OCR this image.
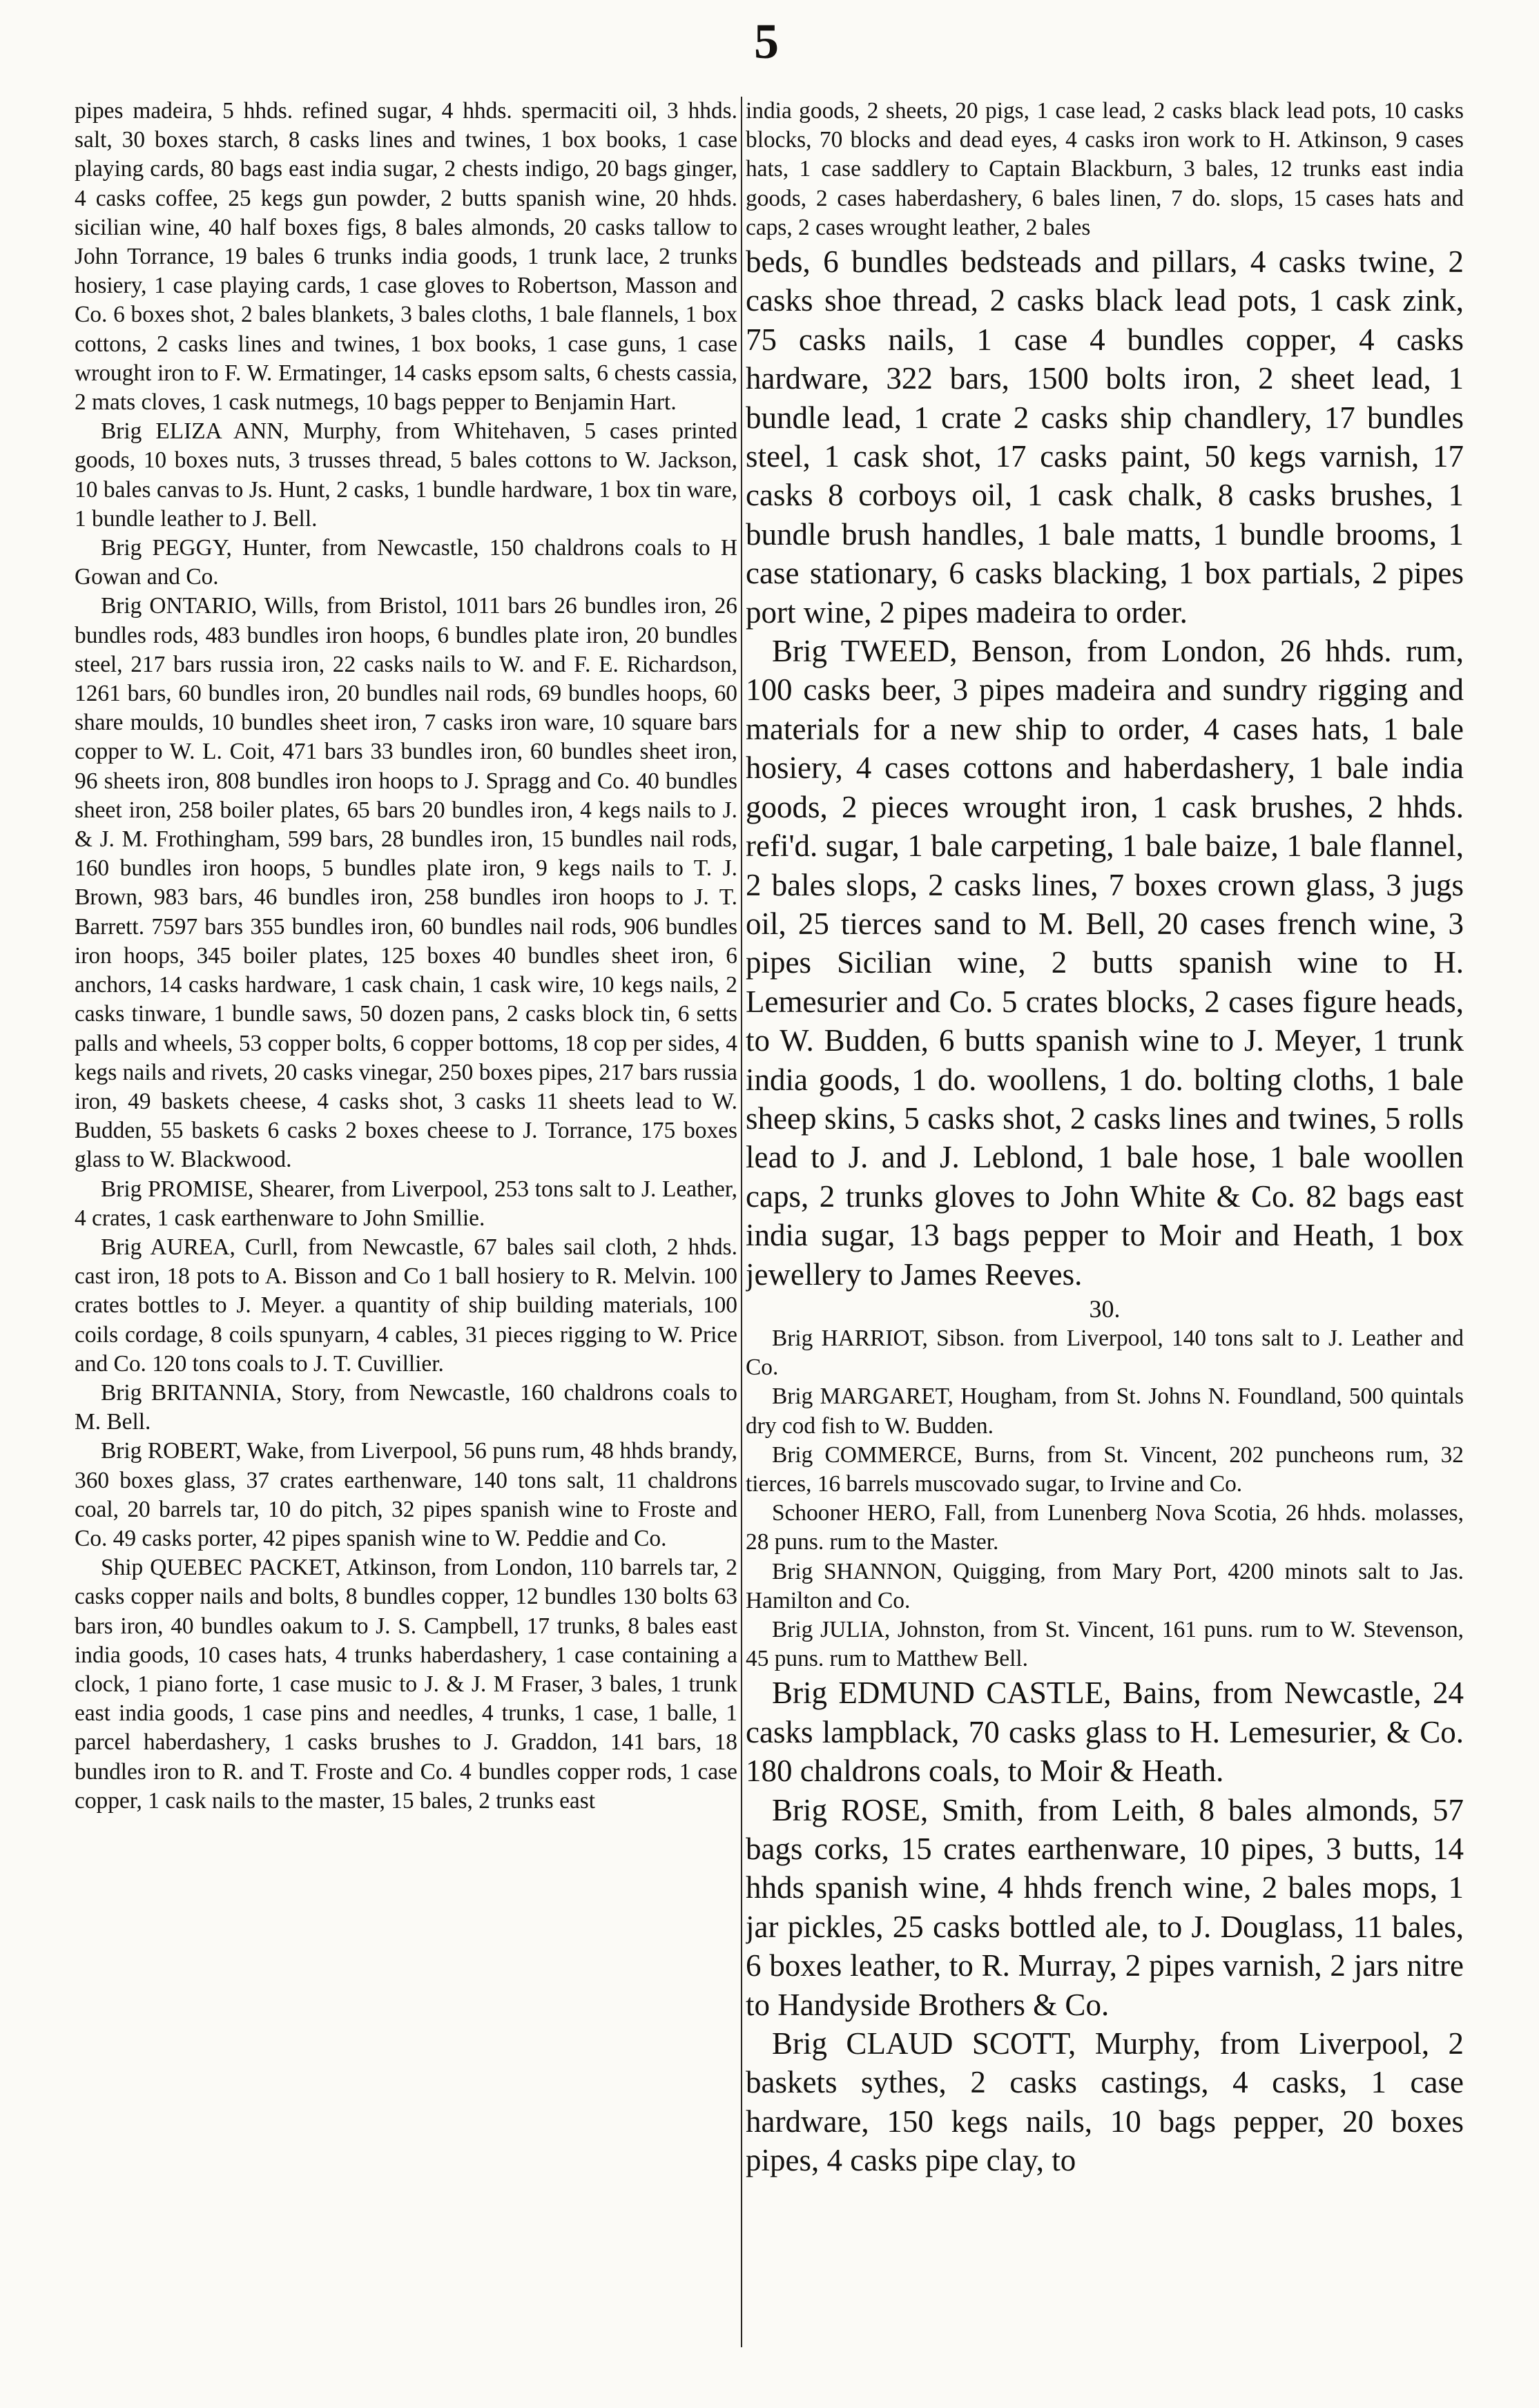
5

pipes madeira, 5 hhds. refined sugar, 4 hhds. spermaciti oil, 3 hhds. salt, 30 boxes starch, 8 casks lines and twines, 1 box books, 1 case playing cards, 80 bags east india sugar, 2 chests indigo, 20 bags ginger, 4 casks coffee, 25 kegs gun powder, 2 butts spanish wine, 20 hhds. sicilian wine, 40 half boxes figs, 8 bales almonds, 20 casks tallow to John Torrance, 19 bales 6 trunks india goods, 1 trunk lace, 2 trunks hosiery, 1 case playing cards, 1 case gloves to Robertson, Masson and Co. 6 boxes shot, 2 bales blankets, 3 bales cloths, 1 bale flannels, 1 box cottons, 2 casks lines and twines, 1 box books, 1 case guns, 1 case wrought iron to F. W. Ermatinger, 14 casks epsom salts, 6 chests cassia, 2 mats cloves, 1 cask nutmegs, 10 bags pepper to Benjamin Hart.

Brig ELIZA ANN, Murphy, from Whitehaven, 5 cases printed goods, 10 boxes nuts, 3 trusses thread, 5 bales cottons to W. Jackson, 10 bales canvas to Js. Hunt, 2 casks, 1 bundle hardware, 1 box tin ware, 1 bundle leather to J. Bell.

Brig PEGGY, Hunter, from Newcastle, 150 chaldrons coals to H Gowan and Co.

Brig ONTARIO, Wills, from Bristol, 1011 bars 26 bundles iron, 26 bundles rods, 483 bundles iron hoops, 6 bundles plate iron, 20 bundles steel, 217 bars russia iron, 22 casks nails to W. and F. E. Richardson, 1261 bars, 60 bundles iron, 20 bundles nail rods, 69 bundles hoops, 60 share moulds, 10 bundles sheet iron, 7 casks iron ware, 10 square bars copper to W. L. Coit, 471 bars 33 bundles iron, 60 bundles sheet iron, 96 sheets iron, 808 bundles iron hoops to J. Spragg and Co. 40 bundles sheet iron, 258 boiler plates, 65 bars 20 bundles iron, 4 kegs nails to J. & J. M. Frothingham, 599 bars, 28 bundles iron, 15 bundles nail rods, 160 bundles iron hoops, 5 bundles plate iron, 9 kegs nails to T. J. Brown, 983 bars, 46 bundles iron, 258 bundles iron hoops to J. T. Barrett. 7597 bars 355 bundles iron, 60 bundles nail rods, 906 bundles iron hoops, 345 boiler plates, 125 boxes 40 bundles sheet iron, 6 anchors, 14 casks hardware, 1 cask chain, 1 cask wire, 10 kegs nails, 2 casks tinware, 1 bundle saws, 50 dozen pans, 2 casks block tin, 6 setts palls and wheels, 53 copper bolts, 6 copper bottoms, 18 cop per sides, 4 kegs nails and rivets, 20 casks vinegar, 250 boxes pipes, 217 bars russia iron, 49 baskets cheese, 4 casks shot, 3 casks 11 sheets lead to W. Budden, 55 baskets 6 casks 2 boxes cheese to J. Torrance, 175 boxes glass to W. Blackwood.

Brig PROMISE, Shearer, from Liverpool, 253 tons salt to J. Leather, 4 crates, 1 cask earthenware to John Smillie.

Brig AUREA, Curll, from Newcastle, 67 bales sail cloth, 2 hhds. cast iron, 18 pots to A. Bisson and Co 1 ball hosiery to R. Melvin. 100 crates bottles to J. Meyer. a quantity of ship building materials, 100 coils cordage, 8 coils spunyarn, 4 cables, 31 pieces rigging to W. Price and Co. 120 tons coals to J. T. Cuvillier.

Brig BRITANNIA, Story, from Newcastle, 160 chaldrons coals to M. Bell.

Brig ROBERT, Wake, from Liverpool, 56 puns rum, 48 hhds brandy, 360 boxes glass, 37 crates earthenware, 140 tons salt, 11 chaldrons coal, 20 barrels tar, 10 do pitch, 32 pipes spanish wine to Froste and Co. 49 casks porter, 42 pipes spanish wine to W. Peddie and Co.

Ship QUEBEC PACKET, Atkinson, from London, 110 barrels tar, 2 casks copper nails and bolts, 8 bundles copper, 12 bundles 130 bolts 63 bars iron, 40 bundles oakum to J. S. Campbell, 17 trunks, 8 bales east india goods, 10 cases hats, 4 trunks haberdashery, 1 case containing a clock, 1 piano forte, 1 case music to J. & J. M Fraser, 3 bales, 1 trunk east india goods, 1 case pins and needles, 4 trunks, 1 case, 1 balle, 1 parcel haberdashery, 1 casks brushes to J. Graddon, 141 bars, 18 bundles iron to R. and T. Froste and Co. 4 bundles copper rods, 1 case copper, 1 cask nails to the master, 15 bales, 2 trunks east

india goods, 2 sheets, 20 pigs, 1 case lead, 2 casks black lead pots, 10 casks blocks, 70 blocks and dead eyes, 4 casks iron work to H. Atkinson, 9 cases hats, 1 case saddlery to Captain Blackburn, 3 bales, 12 trunks east india goods, 2 cases haberdashery, 6 bales linen, 7 do. slops, 15 cases hats and caps, 2 cases wrought leather, 2 bales

beds, 6 bundles bedsteads and pillars, 4 casks twine, 2 casks shoe thread, 2 casks black lead pots, 1 cask zink, 75 casks nails, 1 case 4 bundles copper, 4 casks hardware, 322 bars, 1500 bolts iron, 2 sheet lead, 1 bundle lead, 1 crate 2 casks ship chandlery, 17 bundles steel, 1 cask shot, 17 casks paint, 50 kegs varnish, 17 casks 8 corboys oil, 1 cask chalk, 8 casks brushes, 1 bundle brush handles, 1 bale matts, 1 bundle brooms, 1 case stationary, 6 casks blacking, 1 box partials, 2 pipes port wine, 2 pipes madeira to order.

Brig TWEED, Benson, from London, 26 hhds. rum, 100 casks beer, 3 pipes madeira and sundry rigging and materials for a new ship to order, 4 cases hats, 1 bale hosiery, 4 cases cottons and haberdashery, 1 bale india goods, 2 pieces wrought iron, 1 cask brushes, 2 hhds. refi'd. sugar, 1 bale carpeting, 1 bale baize, 1 bale flannel, 2 bales slops, 2 casks lines, 7 boxes crown glass, 3 jugs oil, 25 tierces sand to M. Bell, 20 cases french wine, 3 pipes Sicilian wine, 2 butts spanish wine to H. Lemesurier and Co. 5 crates blocks, 2 cases figure heads, to W. Budden, 6 butts spanish wine to J. Meyer, 1 trunk india goods, 1 do. woollens, 1 do. bolting cloths, 1 bale sheep skins, 5 casks shot, 2 casks lines and twines, 5 rolls lead to J. and J. Leblond, 1 bale hose, 1 bale woollen caps, 2 trunks gloves to John White & Co. 82 bags east india sugar, 13 bags pepper to Moir and Heath, 1 box jewellery to James Reeves.

30.

Brig HARRIOT, Sibson. from Liverpool, 140 tons salt to J. Leather and Co.

Brig MARGARET, Hougham, from St. Johns N. Foundland, 500 quintals dry cod fish to W. Budden.

Brig COMMERCE, Burns, from St. Vincent, 202 puncheons rum, 32 tierces, 16 barrels muscovado sugar, to Irvine and Co.

Schooner HERO, Fall, from Lunenberg Nova Scotia, 26 hhds. molasses, 28 puns. rum to the Master.

Brig SHANNON, Quigging, from Mary Port, 4200 minots salt to Jas. Hamilton and Co.

Brig JULIA, Johnston, from St. Vincent, 161 puns. rum to W. Stevenson, 45 puns. rum to Matthew Bell.

Brig EDMUND CASTLE, Bains, from Newcastle, 24 casks lampblack, 70 casks glass to H. Lemesurier, & Co. 180 chaldrons coals, to Moir & Heath.

Brig ROSE, Smith, from Leith, 8 bales almonds, 57 bags corks, 15 crates earthenware, 10 pipes, 3 butts, 14 hhds spanish wine, 4 hhds french wine, 2 bales mops, 1 jar pickles, 25 casks bottled ale, to J. Douglass, 11 bales, 6 boxes leather, to R. Murray, 2 pipes varnish, 2 jars nitre to Handyside Brothers & Co.

Brig CLAUD SCOTT, Murphy, from Liverpool, 2 baskets sythes, 2 casks castings, 4 casks, 1 case hardware, 150 kegs nails, 10 bags pepper, 20 boxes pipes, 4 casks pipe clay, to
